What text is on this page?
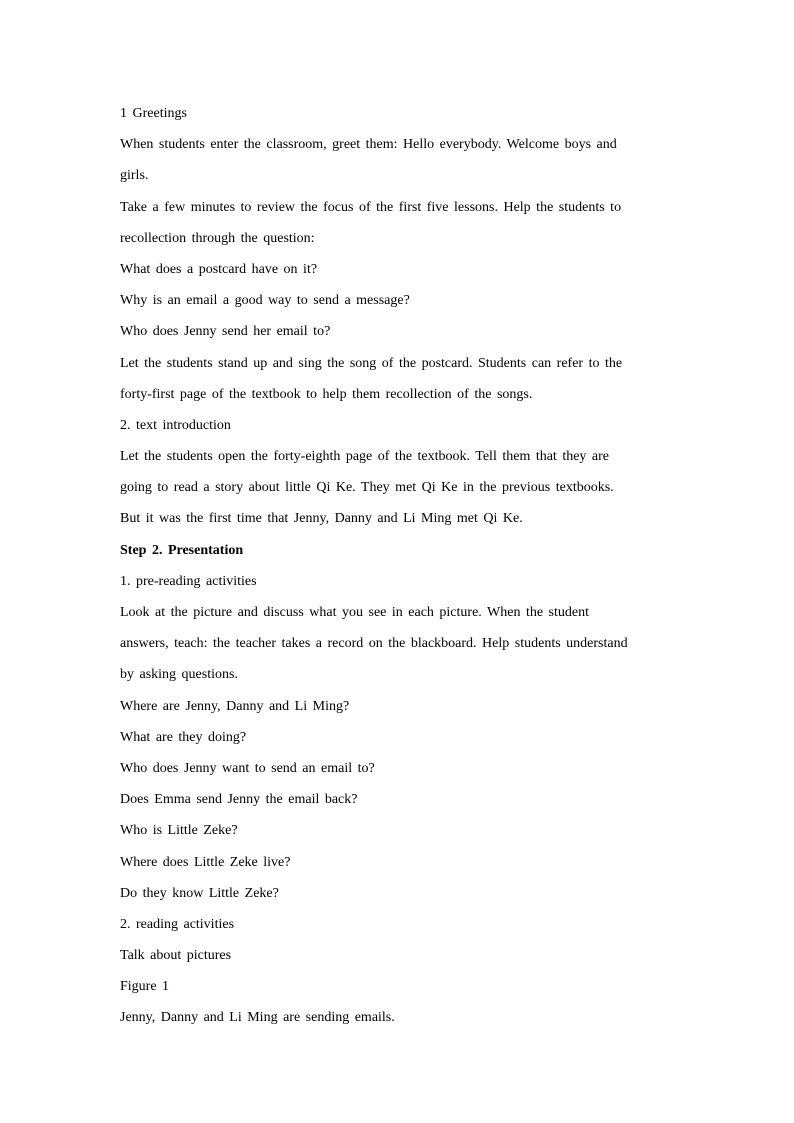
1 Greetings
When students enter the classroom, greet them: Hello everybody. Welcome boys and
girls.
Take a few minutes to review the focus of the first five lessons. Help the students to
recollection through the question:
What does a postcard have on it?
Why is an email a good way to send a message?
Who does Jenny send her email to?
Let the students stand up and sing the song of the postcard. Students can refer to the
forty-first page of the textbook to help them recollection of the songs.
2. text introduction
Let the students open the forty-eighth page of the textbook. Tell them that they are
going to read a story about little Qi Ke. They met Qi Ke in the previous textbooks.
But it was the first time that Jenny, Danny and Li Ming met Qi Ke.
Step 2. Presentation
1. pre-reading activities
Look at the picture and discuss what you see in each picture. When the student
answers, teach: the teacher takes a record on the blackboard. Help students understand
by asking questions.
Where are Jenny, Danny and Li Ming?
What are they doing?
Who does Jenny want to send an email to?
Does Emma send Jenny the email back?
Who is Little Zeke?
Where does Little Zeke live?
Do they know Little Zeke?
2. reading activities
Talk about pictures
Figure 1
Jenny, Danny and Li Ming are sending emails.
